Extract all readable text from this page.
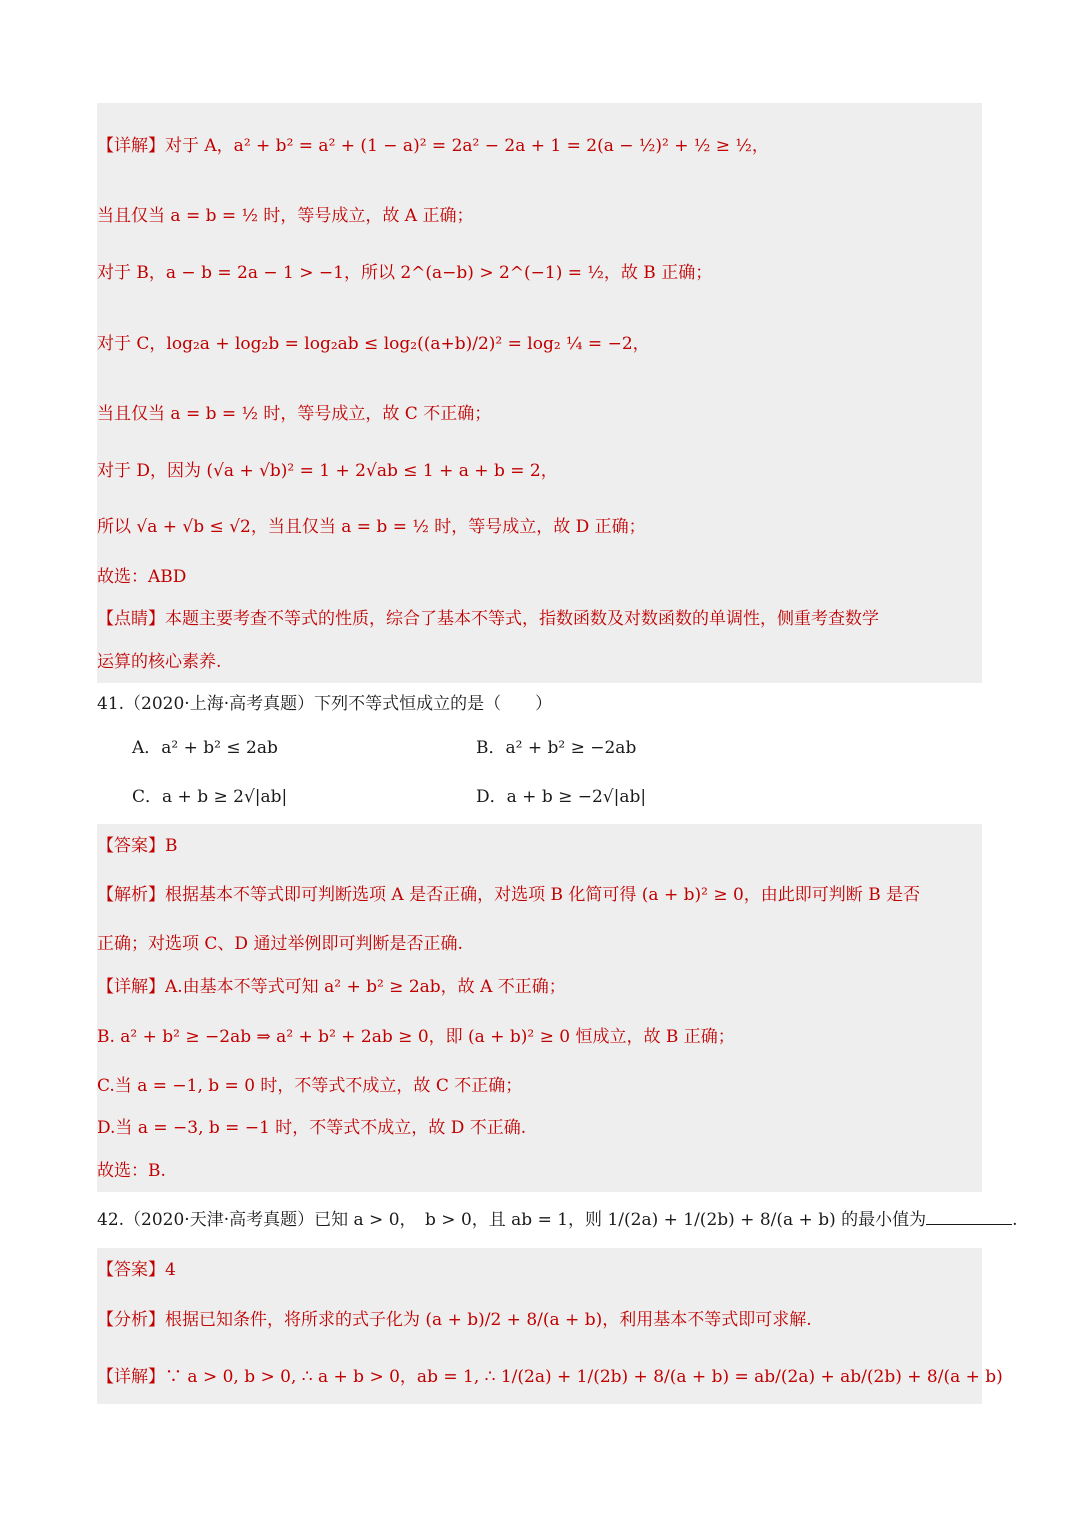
【详解】对于 A，a² + b² = a² + (1 − a)² = 2a² − 2a + 1 = 2(a − ½)² + ½ ≥ ½，
当且仅当 a = b = ½ 时，等号成立，故 A 正确；
对于 B，a − b = 2a − 1 > −1，所以 2^(a−b) > 2^(−1) = ½，故 B 正确；
对于 C，log₂a + log₂b = log₂ab ≤ log₂((a+b)/2)² = log₂ ¼ = −2，
当且仅当 a = b = ½ 时，等号成立，故 C 不正确；
对于 D，因为 (√a + √b)² = 1 + 2√ab ≤ 1 + a + b = 2，
所以 √a + √b ≤ √2，当且仅当 a = b = ½ 时，等号成立，故 D 正确；
故选：ABD
【点睛】本题主要考查不等式的性质，综合了基本不等式，指数函数及对数函数的单调性，侧重考查数学
运算的核心素养.
41.（2020·上海·高考真题）下列不等式恒成立的是（　　）
A．a² + b² ≤ 2ab	B．a² + b² ≥ −2ab
C．a + b ≥ 2√|ab|	D．a + b ≥ −2√|ab|
【答案】B
【解析】根据基本不等式即可判断选项 A 是否正确，对选项 B 化简可得 (a + b)² ≥ 0，由此即可判断 B 是否
正确；对选项 C、D 通过举例即可判断是否正确.
【详解】A.由基本不等式可知 a² + b² ≥ 2ab，故 A 不正确；
B. a² + b² ≥ −2ab ⇒ a² + b² + 2ab ≥ 0，即 (a + b)² ≥ 0 恒成立，故 B 正确；
C.当 a = −1, b = 0 时，不等式不成立，故 C 不正确；
D.当 a = −3, b = −1 时，不等式不成立，故 D 不正确.
故选：B.
42.（2020·天津·高考真题）已知 a > 0，　b > 0，且 ab = 1，则 1/(2a) + 1/(2b) + 8/(a + b) 的最小值为	.
【答案】4
【分析】根据已知条件，将所求的式子化为 (a + b)/2 + 8/(a + b)，利用基本不等式即可求解.
【详解】∵ a > 0, b > 0, ∴ a + b > 0，ab = 1, ∴ 1/(2a) + 1/(2b) + 8/(a + b) = ab/(2a) + ab/(2b) + 8/(a + b)
